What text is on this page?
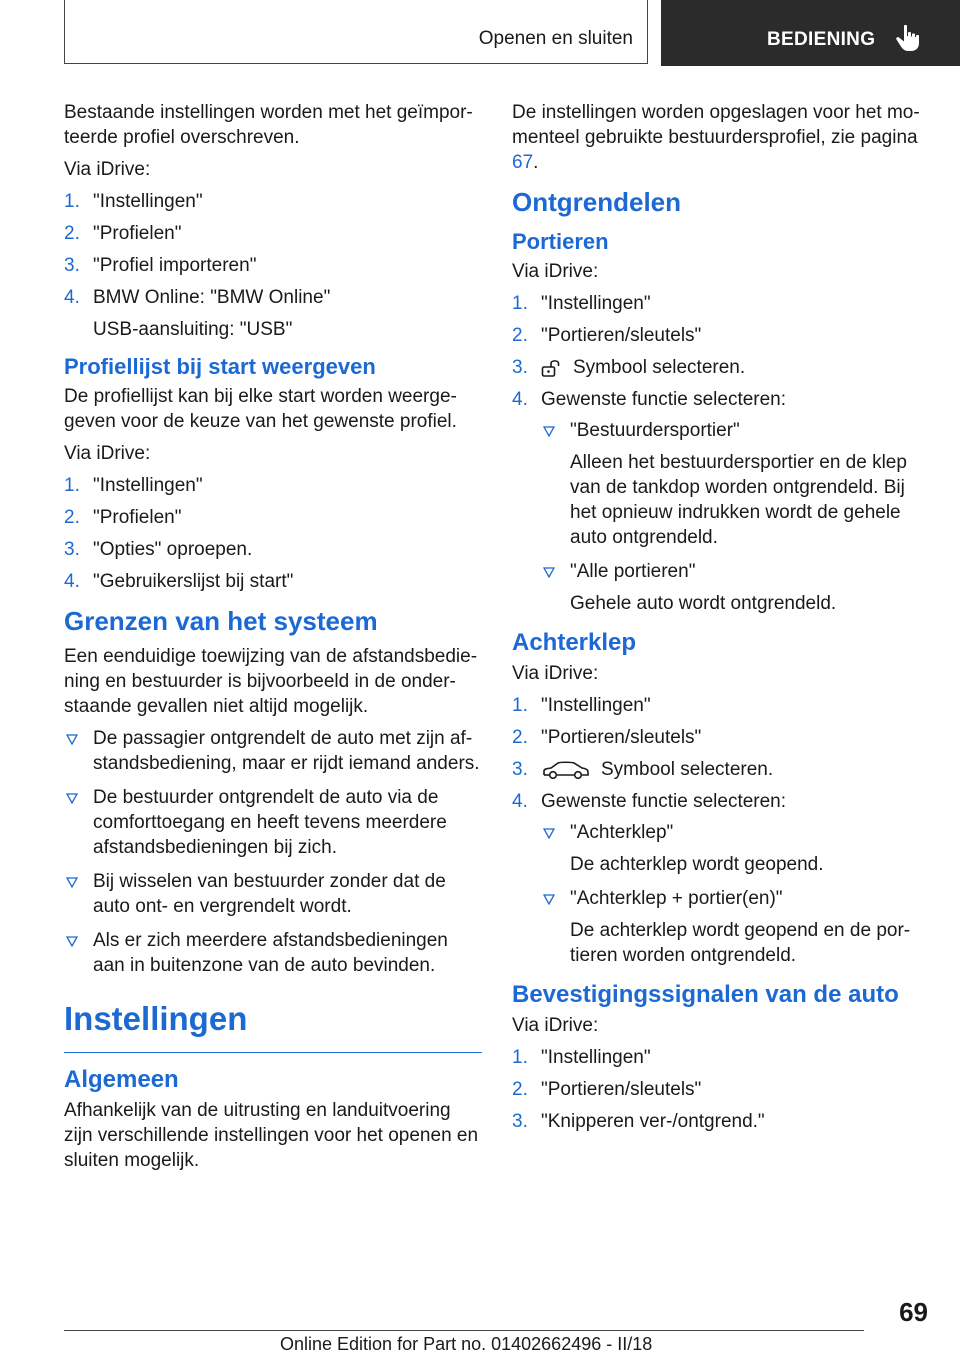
Openen en sluiten	BEDIENING

Bestaande instellingen worden met het geïmporteerde profiel overschreven.

Via iDrive:

1. "Instellingen"
2. "Profielen"
3. "Profiel importeren"
4. BMW Online: "BMW Online"
USB-aansluiting: "USB"
Profiellijst bij start weergeven

De profiellijst kan bij elke start worden weergegeven voor de keuze van het gewenste profiel.

Via iDrive:

1. "Instellingen"
2. "Profielen"
3. "Opties" oproepen.
4. "Gebruikerslijst bij start"
Grenzen van het systeem

Een eenduidige toewijzing van de afstandsbediening en bestuurder is bijvoorbeeld in de onderstaande gevallen niet altijd mogelijk.

De passagier ontgrendelt de auto met zijn afstandsbediening, maar er rijdt iemand anders.
De bestuurder ontgrendelt de auto via de comforttoegang en heeft tevens meerdere afstandsbedieningen bij zich.
Bij wisselen van bestuurder zonder dat de auto ont- en vergrendelt wordt.
Als er zich meerdere afstandsbedieningen aan in buitenzone van de auto bevinden.
Instellingen
Algemeen

Afhankelijk van de uitrusting en landuitvoering zijn verschillende instellingen voor het openen en sluiten mogelijk.

De instellingen worden opgeslagen voor het momenteel gebruikte bestuurdersprofiel, zie pagina 67.

Ontgrendelen
Portieren

Via iDrive:

1. "Instellingen"
2. "Portieren/sleutels"
3. Symbool selecteren.
4. Gewenste functie selecteren:
"Bestuurdersportier"
Alleen het bestuurdersportier en de klep van de tankdop worden ontgrendeld. Bij het opnieuw indrukken wordt de gehele auto ontgrendeld.
"Alle portieren"
Gehele auto wordt ontgrendeld.
Achterklep

Via iDrive:

1. "Instellingen"
2. "Portieren/sleutels"
3.	Symbool selecteren.
4. Gewenste functie selecteren:
"Achterklep"
De achterklep wordt geopend.
"Achterklep + portier(en)"
De achterklep wordt geopend en de portieren worden ontgrendeld.
Bevestigingssignalen van de auto

Via iDrive:

1. "Instellingen"
2. "Portieren/sleutels"
3. "Knipperen ver-/ontgrend."
69
Online Edition for Part no. 01402662496 - II/18
